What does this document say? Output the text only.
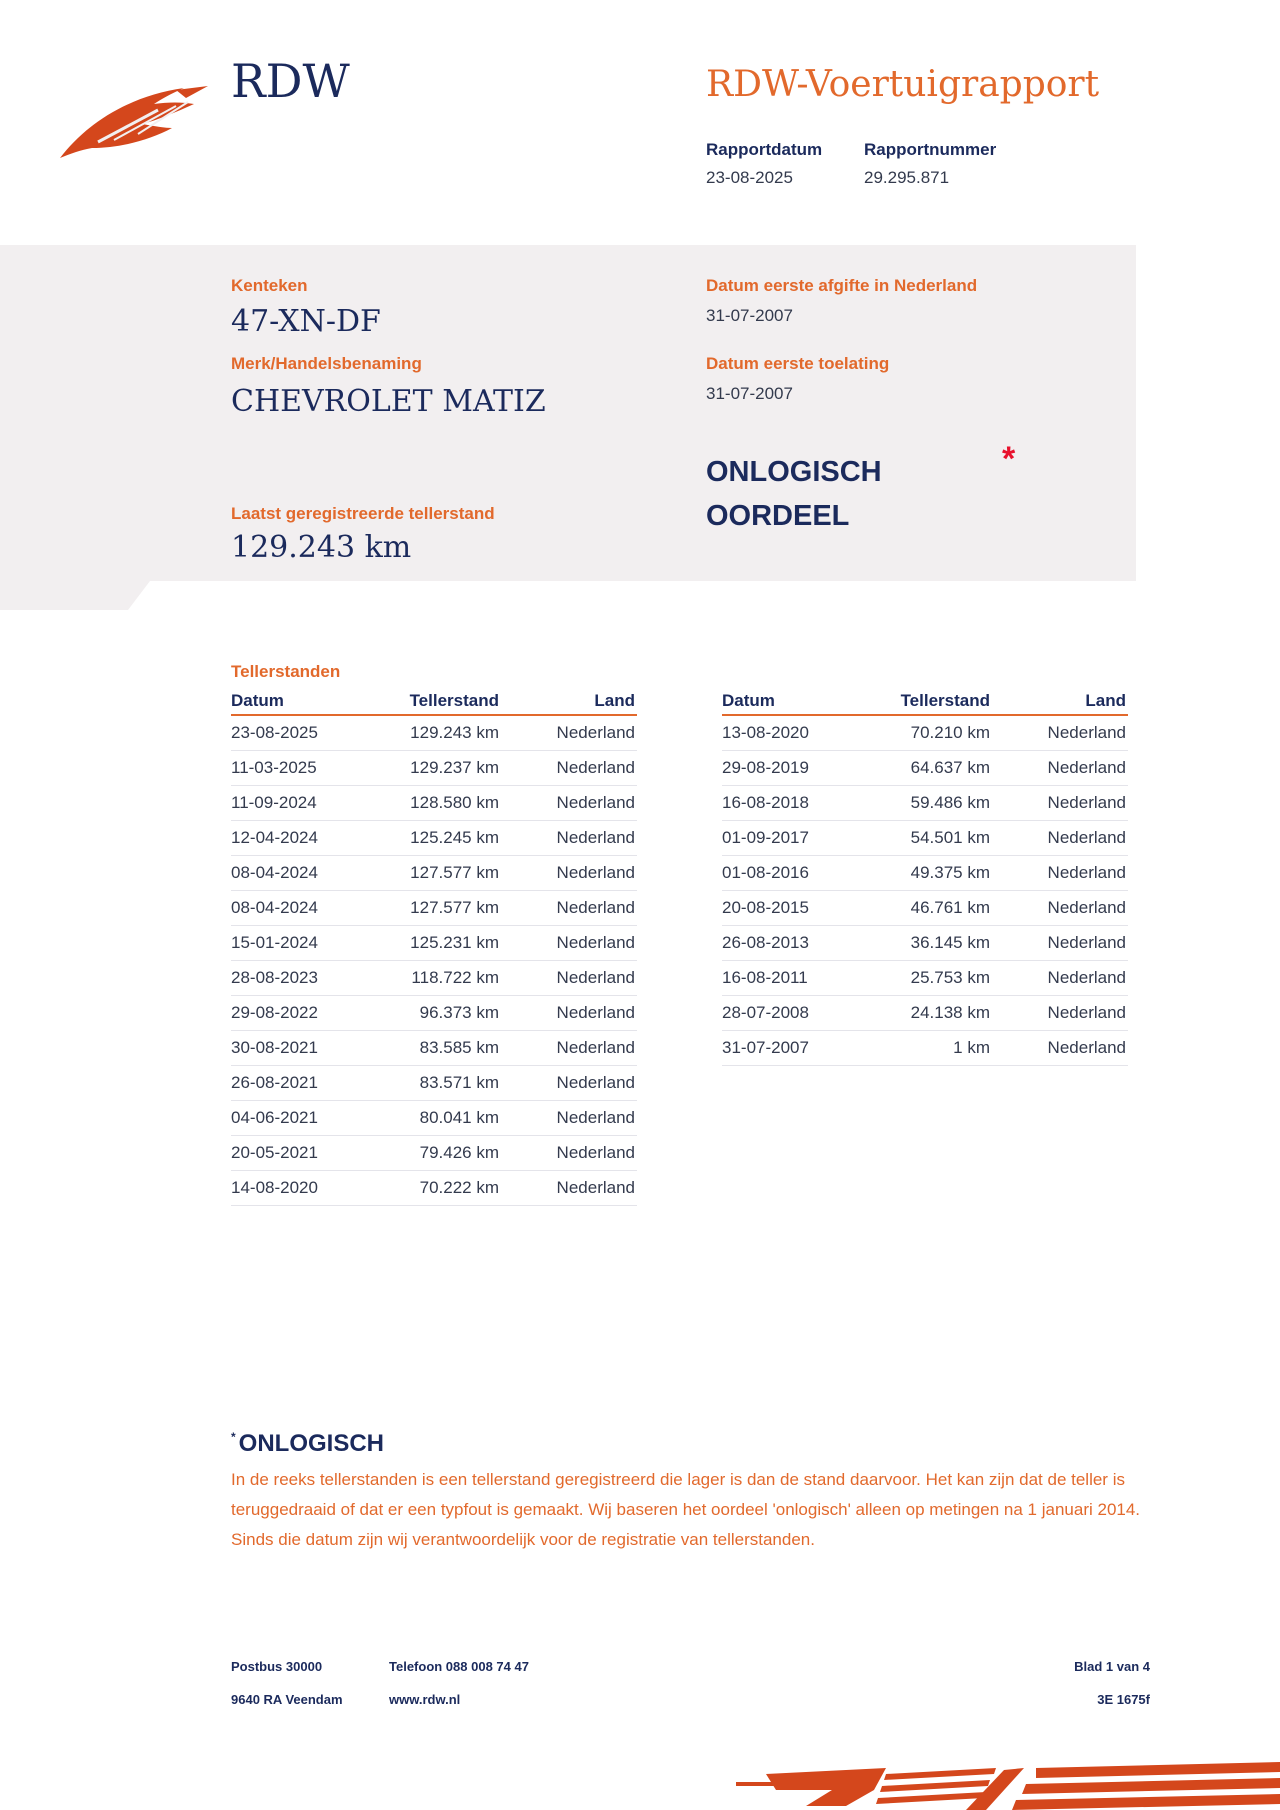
RDW	RDW-Voertuigrapport
Rapportdatum
23-08-2025
Rapportnummer
29.295.871
Kenteken
47-XN-DF
Merk/Handelsbenaming
CHEVROLET MATIZ
Laatst geregistreerde tellerstand
129.243 km
Datum eerste afgifte in Nederland
31-07-2007
Datum eerste toelating
31-07-2007
ONLOGISCH
OORDEEL
*
Tellerstanden
Datum	Tellerstand	Land
23-08-2025	129.243 km	Nederland
11-03-2025	129.237 km	Nederland
11-09-2024	128.580 km	Nederland
12-04-2024	125.245 km	Nederland
08-04-2024	127.577 km	Nederland
08-04-2024	127.577 km	Nederland
15-01-2024	125.231 km	Nederland
28-08-2023	118.722 km	Nederland
29-08-2022	96.373 km	Nederland
30-08-2021	83.585 km	Nederland
26-08-2021	83.571 km	Nederland
04-06-2021	80.041 km	Nederland
20-05-2021	79.426 km	Nederland
14-08-2020	70.222 km	Nederland
Datum	Tellerstand	Land
13-08-2020	70.210 km	Nederland
29-08-2019	64.637 km	Nederland
16-08-2018	59.486 km	Nederland
01-09-2017	54.501 km	Nederland
01-08-2016	49.375 km	Nederland
20-08-2015	46.761 km	Nederland
26-08-2013	36.145 km	Nederland
16-08-2011	25.753 km	Nederland
28-07-2008	24.138 km	Nederland
31-07-2007	1 km	Nederland
* ONLOGISCH
In de reeks tellerstanden is een tellerstand geregistreerd die lager is dan de stand daarvoor. Het kan zijn dat de teller is teruggedraaid of dat er een typfout is gemaakt. Wij baseren het oordeel 'onlogisch' alleen op metingen na 1 januari 2014. Sinds die datum zijn wij verantwoordelijk voor de registratie van tellerstanden.
Postbus 30000
9640 RA Veendam
Telefoon 088 008 74 47
www.rdw.nl
Blad 1 van 4
3E 1675f
